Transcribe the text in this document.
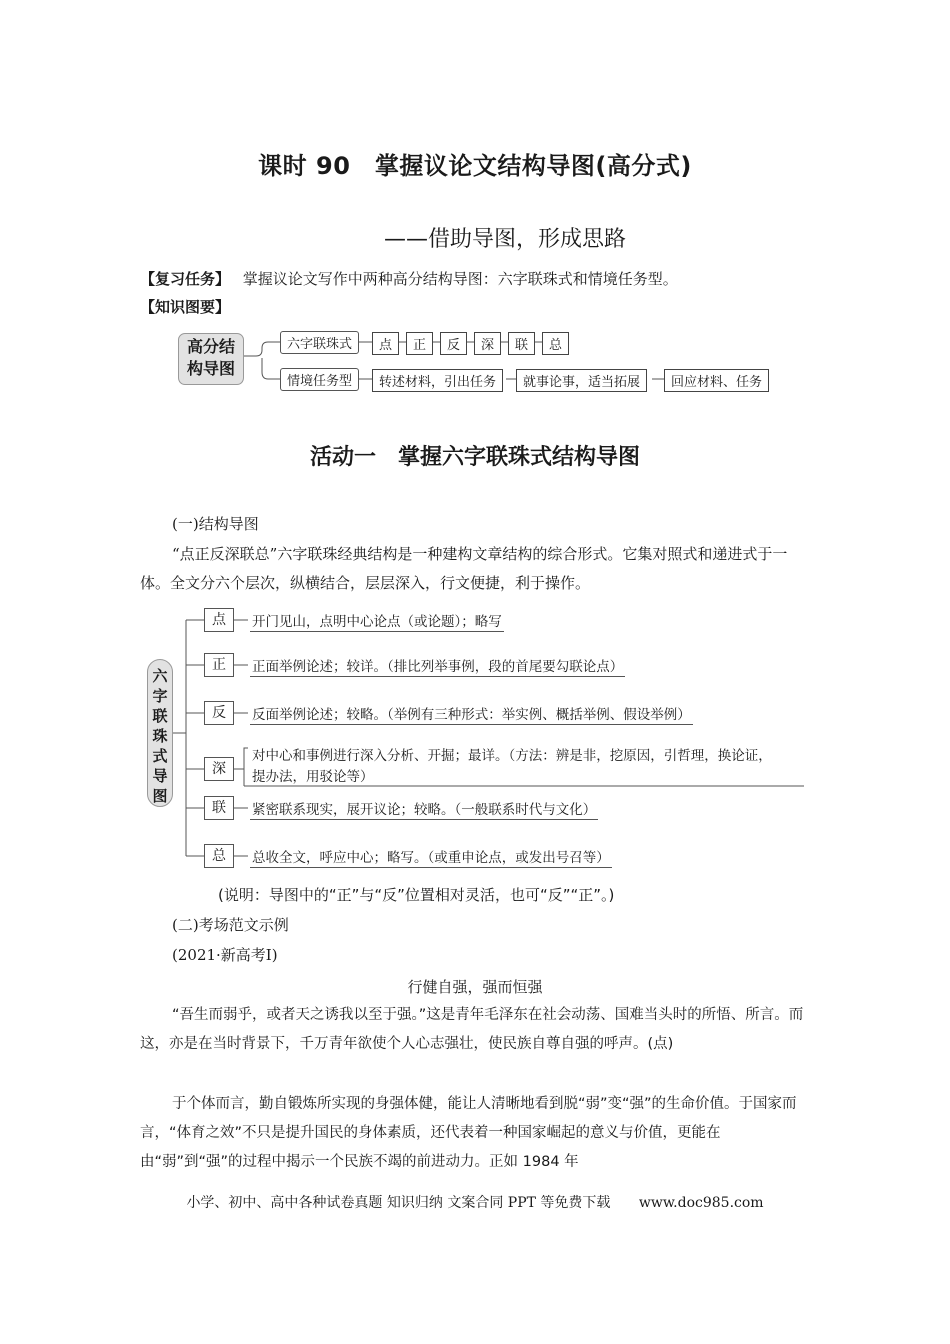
课时 90　掌握议论文结构导图(高分式)
——借助导图，形成思路
【复习任务】 掌握议论文写作中两种高分结构导图：六字联珠式和情境任务型。
【知识图要】
高分结
构导图
六字联珠式	点	正	反	深	联	总
情境任务型	转述材料，引出任务	就事论事，适当拓展	回应材料、任务
活动一　掌握六字联珠式结构导图
(一)结构导图
“点正反深联总”六字联珠经典结构是一种建构文章结构的综合形式。它集对照式和递进式于一体。全文分六个层次，纵横结合，层层深入，行文便捷，利于操作。
六字联珠式导图
点	开门见山，点明中心论点（或论题）；略写
正	正面举例论述；较详。（排比列举事例，段的首尾要勾联论点）
反	反面举例论述；较略。（举例有三种形式：举实例、概括举例、假设举例）
深
对中心和事例进行深入分析、开掘；最详。（方法：辨是非，挖原因，引哲理，换论证，
提办法，用驳论等）
联	紧密联系现实，展开议论；较略。（一般联系时代与文化）
总	总收全文，呼应中心；略写。（或重申论点，或发出号召等）
(说明：导图中的“正”与“反”位置相对灵活，也可“反”“正”。)
(二)考场范文示例
(2021·新高考Ⅰ)
行健自强，强而恒强
“吾生而弱乎，或者天之诱我以至于强。”这是青年毛泽东在社会动荡、国难当头时的所悟、所言。而这，亦是在当时背景下，千万青年欲使个人心志强壮，使民族自尊自强的呼声。(点)
于个体而言，勤自锻炼所实现的身强体健，能让人清晰地看到脱“弱”变“强”的生命价值。于国家而言，“体育之效”不只是提升国民的身体素质，还代表着一种国家崛起的意义与价值，更能在由“弱”到“强”的过程中揭示一个民族不竭的前进动力。正如 1984 年
小学、初中、高中各种试卷真题 知识归纳 文案合同 PPT 等免费下载 www.doc985.com
